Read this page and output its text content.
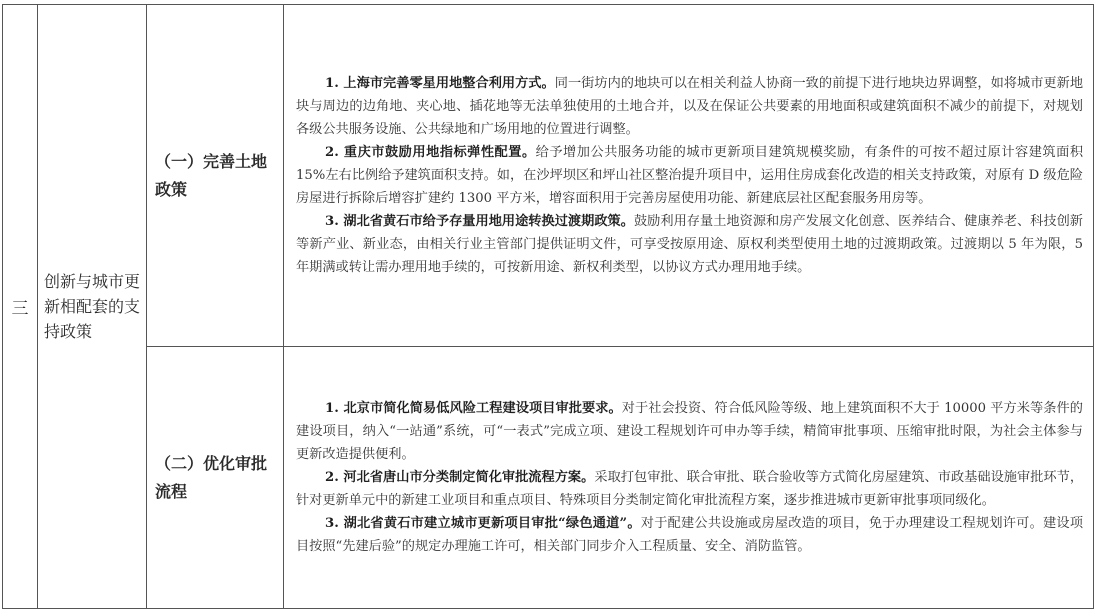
三	创新与城市更新相配套的支持政策	（一）完善土地政策	1. 上海市完善零星用地整合利用方式。同一街坊内的地块可以在相关利益人协商一致的前提下进行地块边界调整，如将城市更新地块与周边的边角地、夹心地、插花地等无法单独使用的土地合并，以及在保证公共要素的用地面积或建筑面积不减少的前提下，对规划各级公共服务设施、公共绿地和广场用地的位置进行调整。

2. 重庆市鼓励用地指标弹性配置。给予增加公共服务功能的城市更新项目建筑规模奖励，有条件的可按不超过原计容建筑面积 15%左右比例给予建筑面积支持。如，在沙坪坝区和坪山社区整治提升项目中，运用住房成套化改造的相关支持政策，对原有 D 级危险房屋进行拆除后增容扩建约 1300 平方米，增容面积用于完善房屋使用功能、新建底层社区配套服务用房等。

3. 湖北省黄石市给予存量用地用途转换过渡期政策。鼓励利用存量土地资源和房产发展文化创意、医养结合、健康养老、科技创新等新产业、新业态，由相关行业主管部门提供证明文件，可享受按原用途、原权利类型使用土地的过渡期政策。过渡期以 5 年为限，5 年期满或转让需办理用地手续的，可按新用途、新权利类型，以协议方式办理用地手续。

		（二）优化审批流程	1. 北京市简化简易低风险工程建设项目审批要求。对于社会投资、符合低风险等级、地上建筑面积不大于 10000 平方米等条件的建设项目，纳入“一站通”系统，可“一表式”完成立项、建设工程规划许可申办等手续，精简审批事项、压缩审批时限，为社会主体参与更新改造提供便利。

2. 河北省唐山市分类制定简化审批流程方案。采取打包审批、联合审批、联合验收等方式简化房屋建筑、市政基础设施审批环节，针对更新单元中的新建工业项目和重点项目、特殊项目分类制定简化审批流程方案，逐步推进城市更新审批事项同级化。

3. 湖北省黄石市建立城市更新项目审批“绿色通道”。对于配建公共设施或房屋改造的项目，免于办理建设工程规划许可。建设项目按照“先建后验”的规定办理施工许可，相关部门同步介入工程质量、安全、消防监管。
